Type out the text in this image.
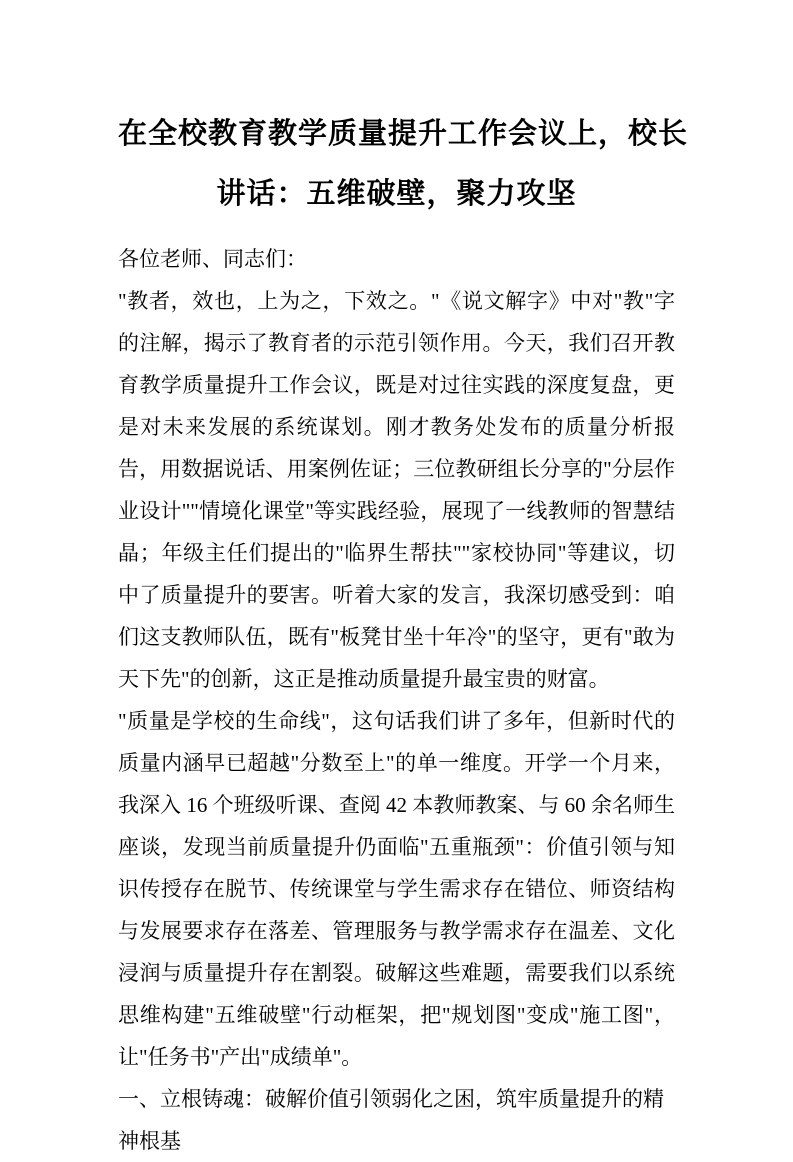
在全校教育教学质量提升工作会议上，校长
讲话：五维破壁，聚力攻坚

各位老师、同志们：

"教者，效也，上为之，下效之。"《说文解字》中对"教"字的注解，揭示了教育者的示范引领作用。今天，我们召开教育教学质量提升工作会议，既是对过往实践的深度复盘，更是对未来发展的系统谋划。刚才教务处发布的质量分析报告，用数据说话、用案例佐证；三位教研组长分享的"分层作业设计""情境化课堂"等实践经验，展现了一线教师的智慧结晶；年级主任们提出的"临界生帮扶""家校协同"等建议，切中了质量提升的要害。听着大家的发言，我深切感受到：咱们这支教师队伍，既有"板凳甘坐十年冷"的坚守，更有"敢为天下先"的创新，这正是推动质量提升最宝贵的财富。

"质量是学校的生命线"，这句话我们讲了多年，但新时代的质量内涵早已超越"分数至上"的单一维度。开学一个月来，我深入 16 个班级听课、查阅 42 本教师教案、与 60 余名师生座谈，发现当前质量提升仍面临"五重瓶颈"：价值引领与知识传授存在脱节、传统课堂与学生需求存在错位、师资结构与发展要求存在落差、管理服务与教学需求存在温差、文化浸润与质量提升存在割裂。破解这些难题，需要我们以系统思维构建"五维破壁"行动框架，把"规划图"变成"施工图"，让"任务书"产出"成绩单"。

一、立根铸魂：破解价值引领弱化之困，筑牢质量提升的精神根基
